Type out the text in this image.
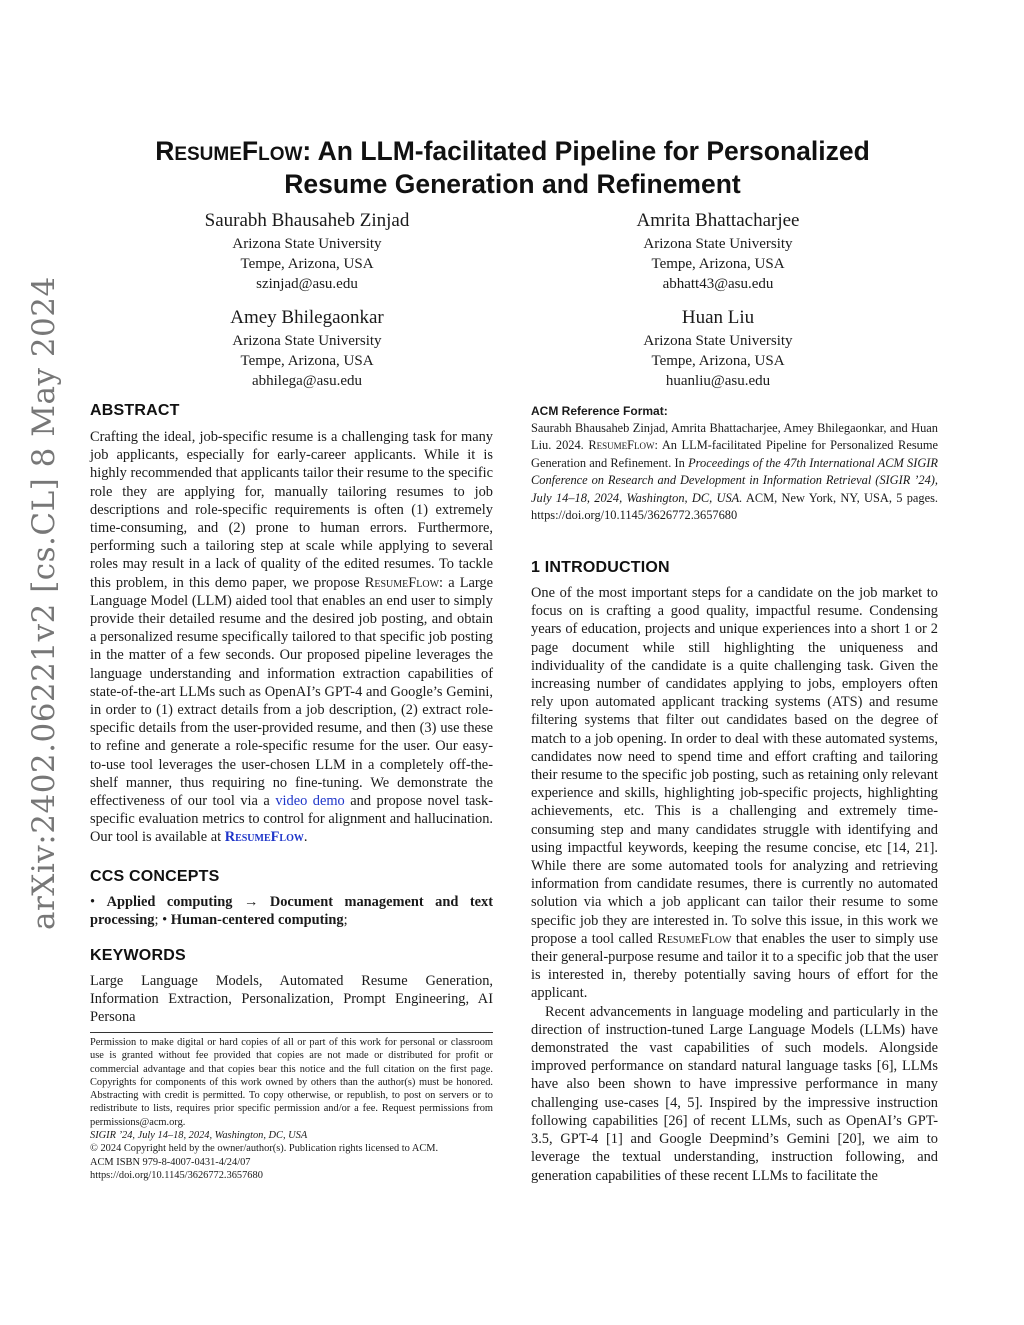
arXiv:2402.06221v2 [cs.CL] 8 May 2024
ResumeFlow: An LLM-facilitated Pipeline for Personalized
Resume Generation and Refinement
Saurabh Bhausaheb Zinjad
Arizona State University
Tempe, Arizona, USA
szinjad@asu.edu
Amrita Bhattacharjee
Arizona State University
Tempe, Arizona, USA
abhatt43@asu.edu
Amey Bhilegaonkar
Arizona State University
Tempe, Arizona, USA
abhilega@asu.edu
Huan Liu
Arizona State University
Tempe, Arizona, USA
huanliu@asu.edu
ABSTRACT

Crafting the ideal, job-specific resume is a challenging task for many job applicants, especially for early-career applicants. While it is highly recommended that applicants tailor their resume to the specific role they are applying for, manually tailoring resumes to job descriptions and role-specific requirements is often (1) extremely time-consuming, and (2) prone to human errors. Furthermore, performing such a tailoring step at scale while applying to several roles may result in a lack of quality of the edited resumes. To tackle this problem, in this demo paper, we propose ResumeFlow: a Large Language Model (LLM) aided tool that enables an end user to simply provide their detailed resume and the desired job posting, and obtain a personalized resume specifically tailored to that specific job posting in the matter of a few seconds. Our proposed pipeline leverages the language understanding and information extraction capabilities of state-of-the-art LLMs such as OpenAI’s GPT-4 and Google’s Gemini, in order to (1) extract details from a job description, (2) extract role-specific details from the user-provided resume, and then (3) use these to refine and generate a role-specific resume for the user. Our easy-to-use tool leverages the user-chosen LLM in a completely off-the-shelf manner, thus requiring no fine-tuning. We demonstrate the effectiveness of our tool via a video demo and propose novel task-specific evaluation metrics to control for alignment and hallucination. Our tool is available at ResumeFlow.

CCS CONCEPTS

• Applied computing → Document management and text processing; • Human-centered computing;

KEYWORDS
Large Language Models, Automated Resume Generation, Information Extraction, Personalization, Prompt Engineering, AI Persona

Permission to make digital or hard copies of all or part of this work for personal or classroom use is granted without fee provided that copies are not made or distributed for profit or commercial advantage and that copies bear this notice and the full citation on the first page. Copyrights for components of this work owned by others than the author(s) must be honored. Abstracting with credit is permitted. To copy otherwise, or republish, to post on servers or to redistribute to lists, requires prior specific permission and/or a fee. Request permissions from permissions@acm.org.

SIGIR ’24, July 14–18, 2024, Washington, DC, USA

© 2024 Copyright held by the owner/author(s). Publication rights licensed to ACM.

ACM ISBN 979-8-4007-0431-4/24/07

https://doi.org/10.1145/3626772.3657680

ACM Reference Format:
Saurabh Bhausaheb Zinjad, Amrita Bhattacharjee, Amey Bhilegaonkar, and Huan Liu. 2024. ResumeFlow: An LLM-facilitated Pipeline for Personalized Resume Generation and Refinement. In Proceedings of the 47th International ACM SIGIR Conference on Research and Development in Information Retrieval (SIGIR ’24), July 14–18, 2024, Washington, DC, USA. ACM, New York, NY, USA, 5 pages. https://doi.org/10.1145/3626772.3657680
1 INTRODUCTION

One of the most important steps for a candidate on the job market to focus on is crafting a good quality, impactful resume. Condensing years of education, projects and unique experiences into a short 1 or 2 page document while still highlighting the uniqueness and individuality of the candidate is a quite challenging task. Given the increasing number of candidates applying to jobs, employers often rely upon automated applicant tracking systems (ATS) and resume filtering systems that filter out candidates based on the degree of match to a job opening. In order to deal with these automated systems, candidates now need to spend time and effort crafting and tailoring their resume to the specific job posting, such as retaining only relevant experience and skills, highlighting job-specific projects, highlighting achievements, etc. This is a challenging and extremely time-consuming step and many candidates struggle with identifying and using impactful keywords, keeping the resume concise, etc [14, 21]. While there are some automated tools for analyzing and retrieving information from candidate resumes, there is currently no automated solution via which a job applicant can tailor their resume to some specific job they are interested in. To solve this issue, in this work we propose a tool called ResumeFlow that enables the user to simply use their general-purpose resume and tailor it to a specific job that the user is interested in, thereby potentially saving hours of effort for the applicant.

Recent advancements in language modeling and particularly in the direction of instruction-tuned Large Language Models (LLMs) have demonstrated the vast capabilities of such models. Alongside improved performance on standard natural language tasks [6], LLMs have also been shown to have impressive performance in many challenging use-cases [4, 5]. Inspired by the impressive instruction following capabilities [26] of recent LLMs, such as OpenAI’s GPT-3.5, GPT-4 [1] and Google Deepmind’s Gemini [20], we aim to leverage the textual understanding, instruction following, and generation capabilities of these recent LLMs to facilitate the
